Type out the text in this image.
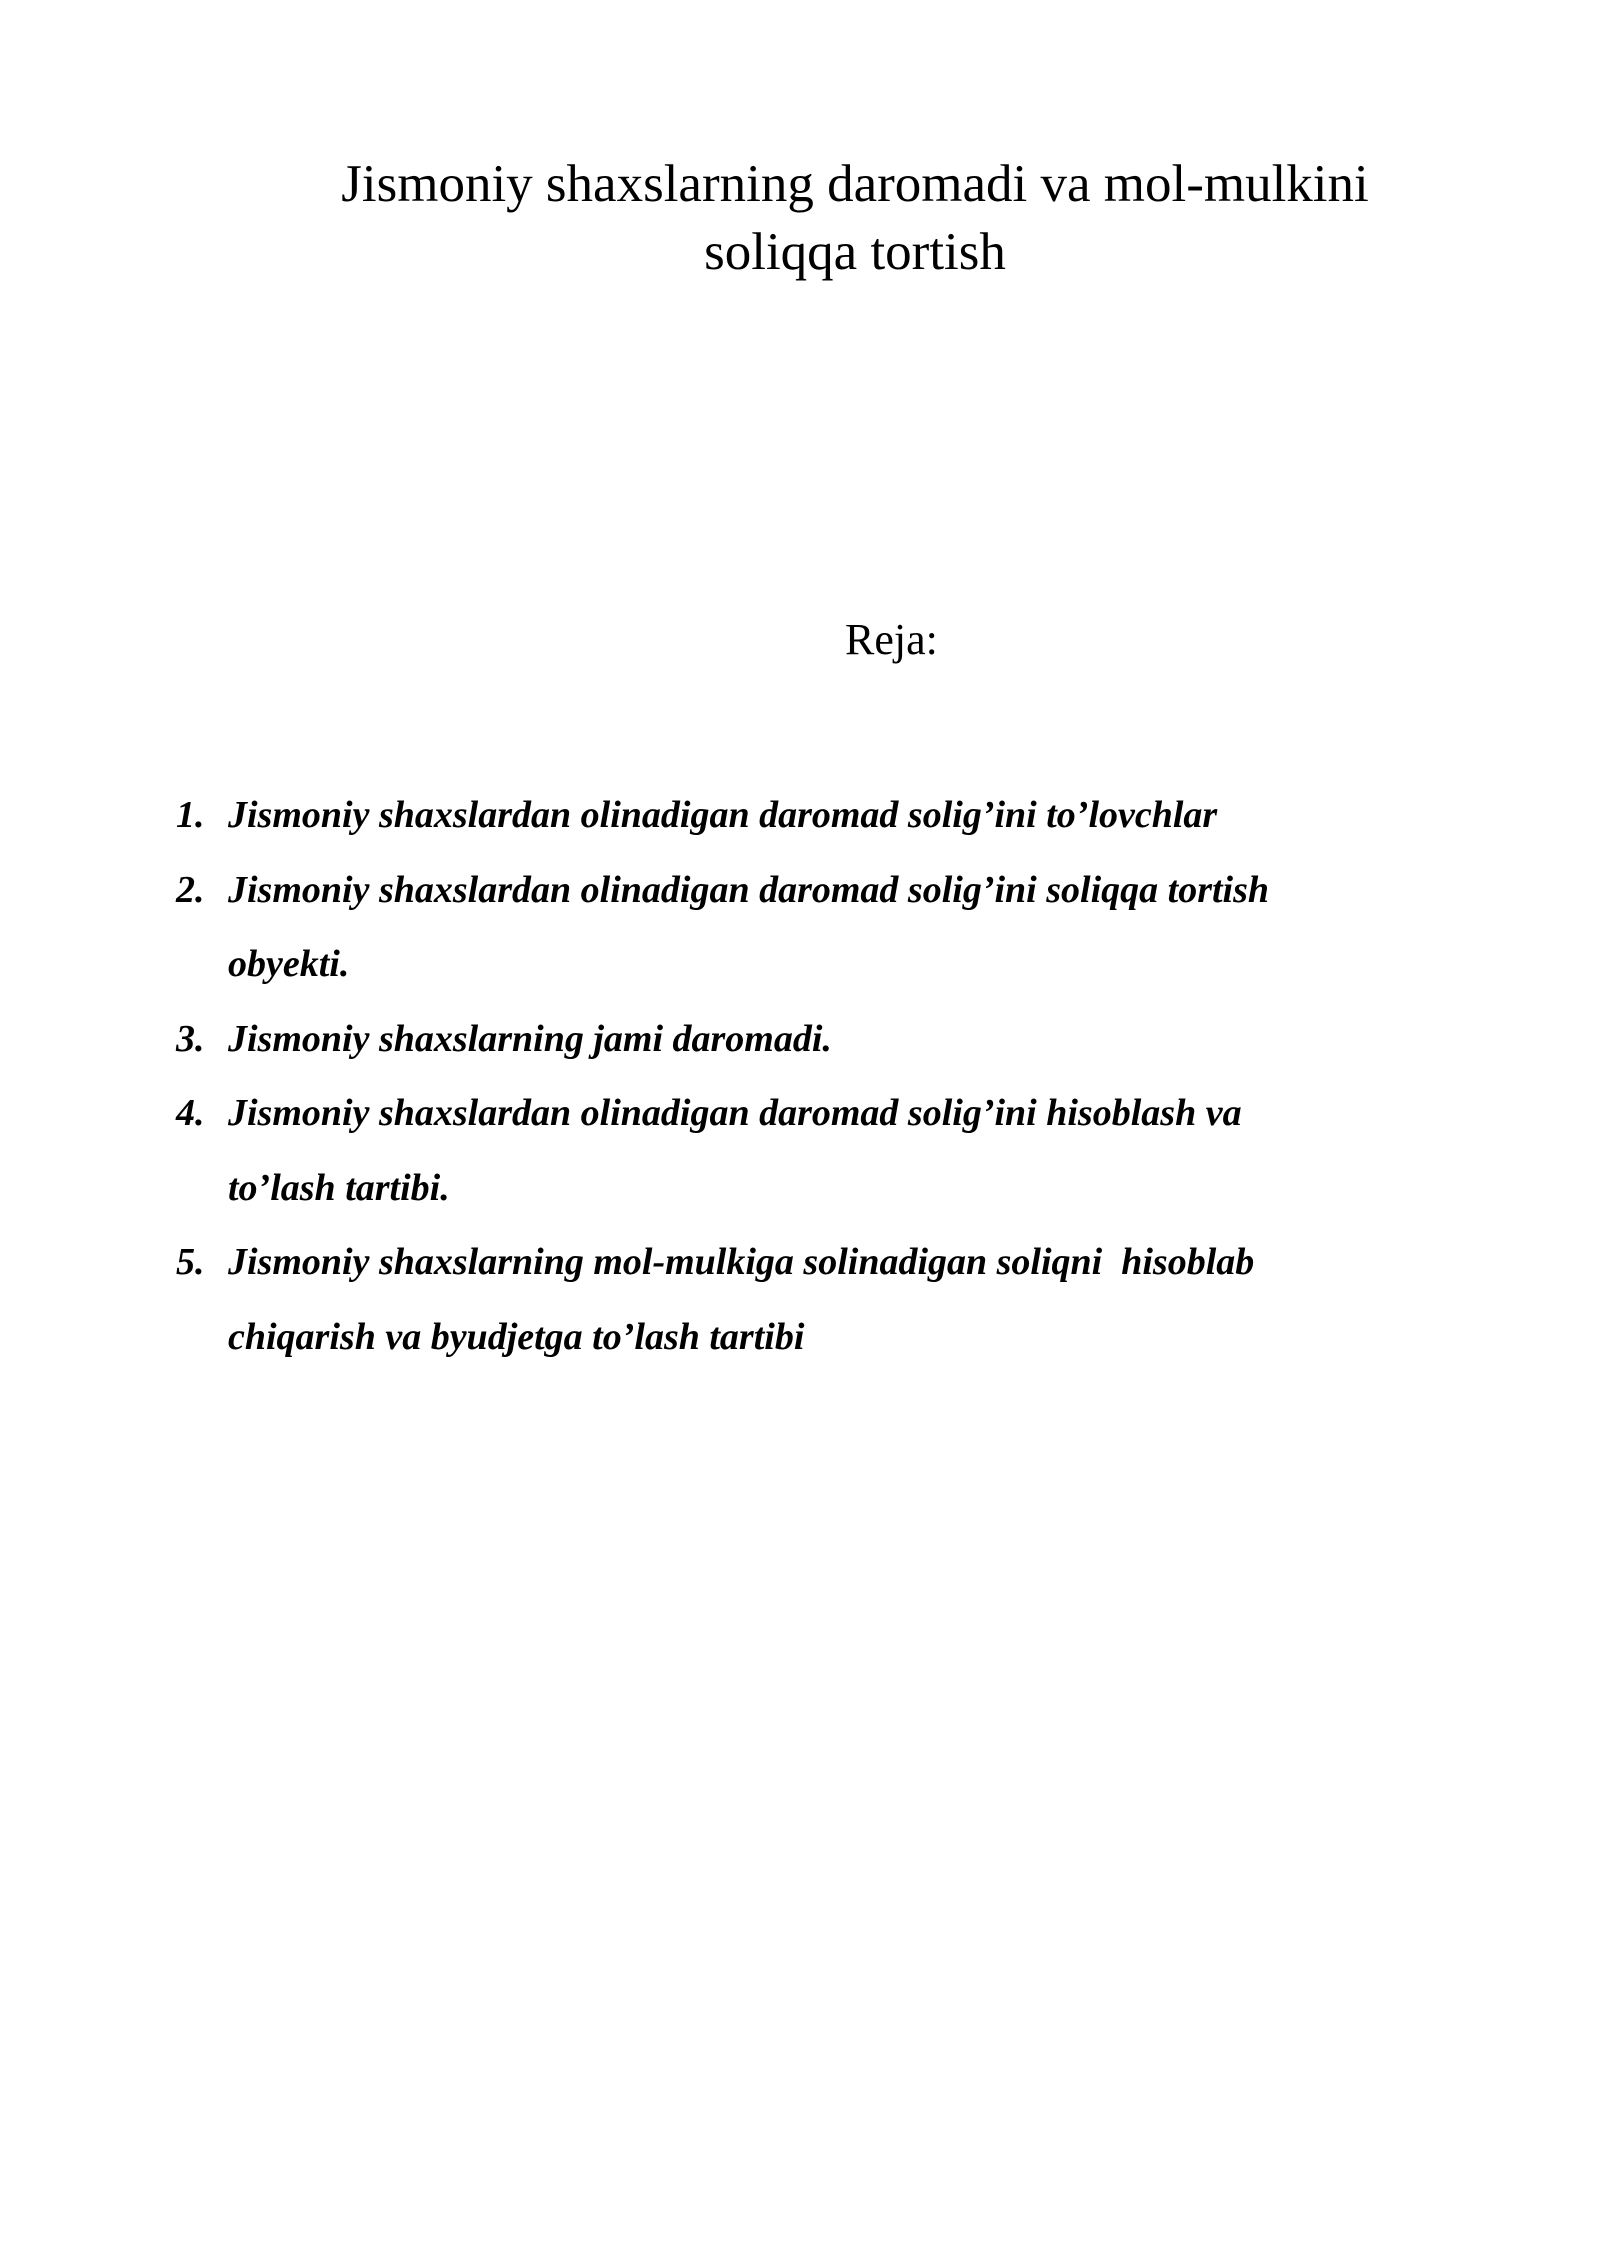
Jismoniy shaxslarning daromadi va mol-mulkini
soliqqa tortish
Reja:
1. Jismoniy shaxslardan olinadigan daromad solig’ini to’lovchlar
2. Jismoniy shaxslardan olinadigan daromad solig’ini soliqqa tortish
obyekti.
3. Jismoniy shaxslarning jami daromadi.
4. Jismoniy shaxslardan olinadigan daromad solig’ini hisoblash va
to’lash tartibi.
5. Jismoniy shaxslarning mol-mulkiga solinadigan soliqni  hisoblab
chiqarish va byudjetga to’lash tartibi
